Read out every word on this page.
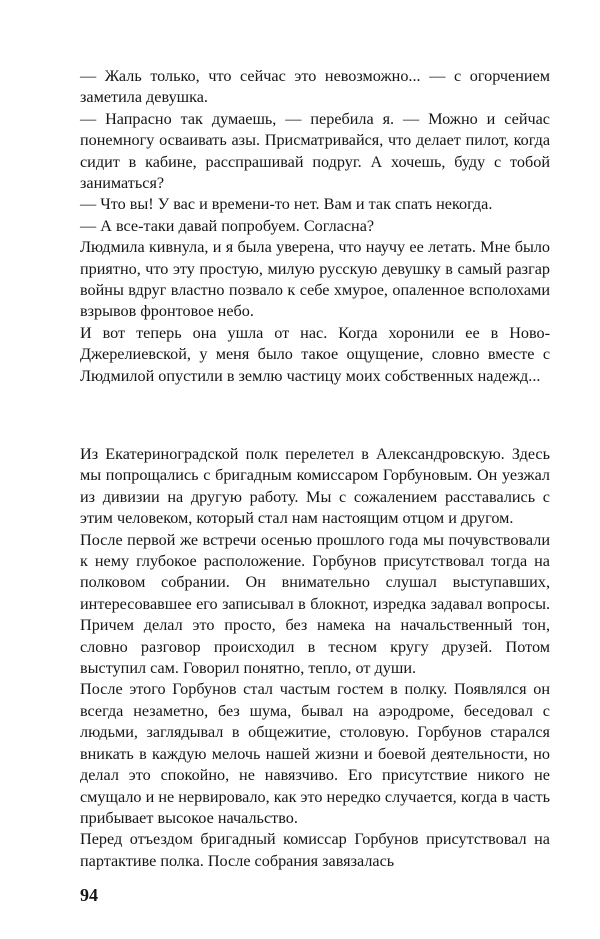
— Жаль только, что сейчас это невозможно... — с огорчением заметила девушка.

— Напрасно так думаешь, — перебила я. — Можно и сейчас понемногу осваивать азы. Присматривайся, что делает пилот, когда сидит в кабине, расспрашивай подруг. А хочешь, буду с тобой заниматься?

— Что вы! У вас и времени-то нет. Вам и так спать некогда.

— А все-таки давай попробуем. Согласна?

Людмила кивнула, и я была уверена, что научу ее летать. Мне было приятно, что эту простую, милую русскую девушку в самый разгар войны вдруг властно позвало к себе хмурое, опаленное всполохами взрывов фронтовое небо.

И вот теперь она ушла от нас. Когда хоронили ее в Ново-Джерелиевской, у меня было такое ощущение, словно вместе с Людмилой опустили в землю частицу моих собственных надежд...

Из Екатериноградской полк перелетел в Александровскую. Здесь мы попрощались с бригадным комиссаром Горбуновым. Он уезжал из дивизии на другую работу. Мы с сожалением расставались с этим человеком, который стал нам настоящим отцом и другом.

После первой же встречи осенью прошлого года мы почувствовали к нему глубокое расположение. Горбунов присутствовал тогда на полковом собрании. Он внимательно слушал выступавших, интересовавшее его записывал в блокнот, изредка задавал вопросы. Причем делал это просто, без намека на начальственный тон, словно разговор происходил в тесном кругу друзей. Потом выступил сам. Говорил понятно, тепло, от души.

После этого Горбунов стал частым гостем в полку. Появлялся он всегда незаметно, без шума, бывал на аэродроме, беседовал с людьми, заглядывал в общежитие, столовую. Горбунов старался вникать в каждую мелочь нашей жизни и боевой деятельности, но делал это спокойно, не навязчиво. Его присутствие никого не смущало и не нервировало, как это нередко случается, когда в часть прибывает высокое начальство.

Перед отъездом бригадный комиссар Горбунов присутствовал на партактиве полка. После собрания завязалась

94
